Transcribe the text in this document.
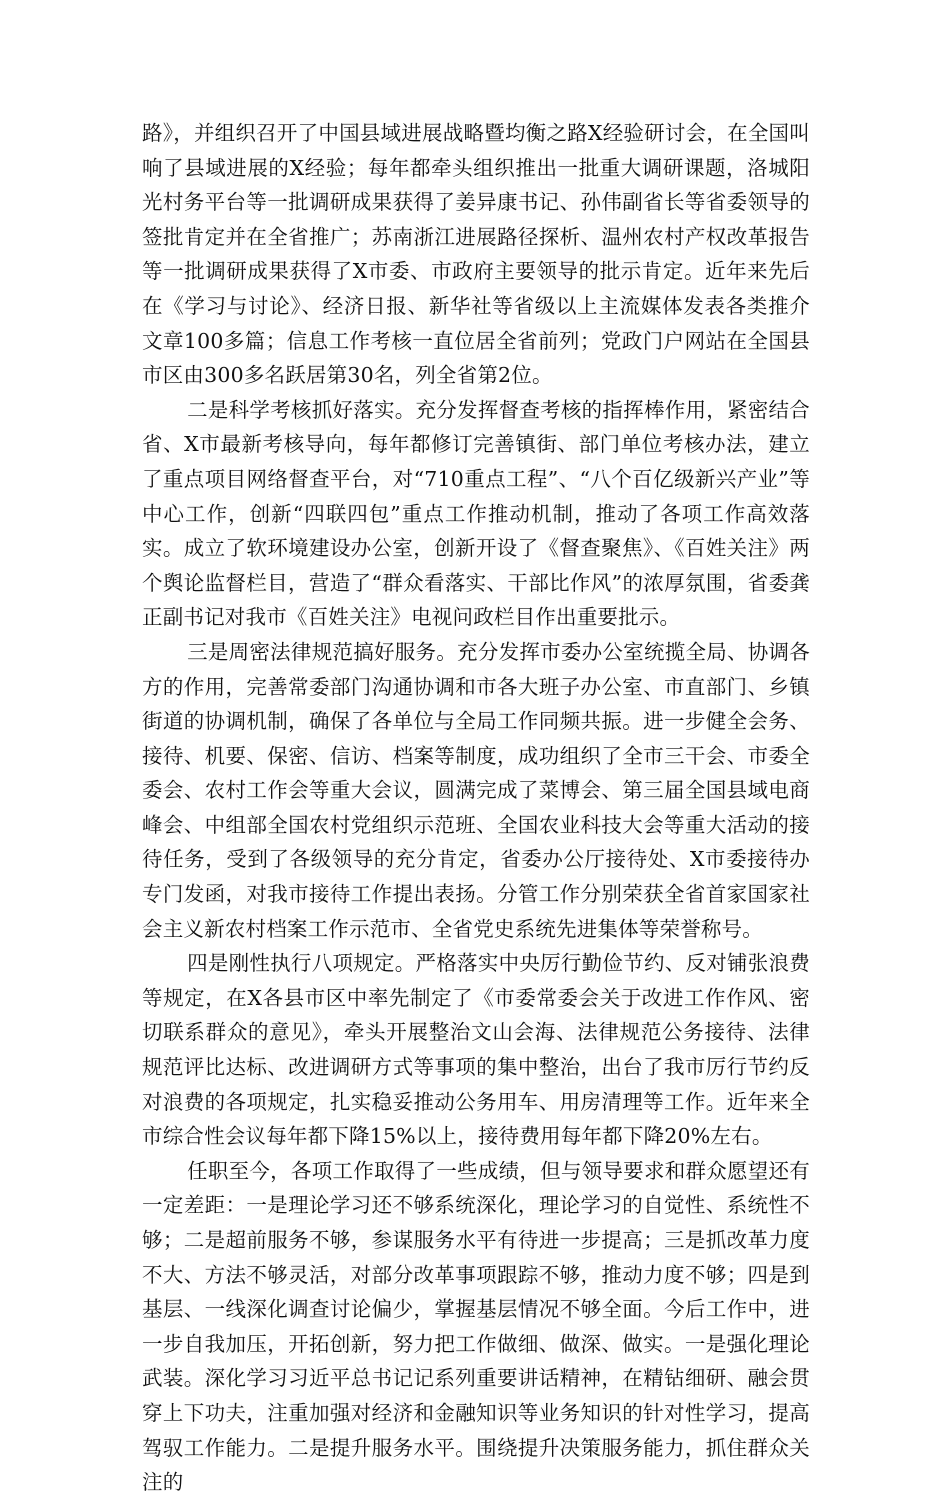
路》，并组织召开了中国县域进展战略暨均衡之路X经验研讨会，在全国叫响了县域进展的X经验；每年都牵头组织推出一批重大调研课题，洛城阳光村务平台等一批调研成果获得了姜异康书记、孙伟副省长等省委领导的签批肯定并在全省推广；苏南浙江进展路径探析、温州农村产权改革报告等一批调研成果获得了X市委、市政府主要领导的批示肯定。近年来先后在《学习与讨论》、经济日报、新华社等省级以上主流媒体发表各类推介文章100多篇；信息工作考核一直位居全省前列；党政门户网站在全国县市区由300多名跃居第30名，列全省第2位。

二是科学考核抓好落实。充分发挥督查考核的指挥棒作用，紧密结合省、X市最新考核导向，每年都修订完善镇街、部门单位考核办法，建立了重点项目网络督查平台，对“710重点工程”、“八个百亿级新兴产业”等中心工作，创新“四联四包”重点工作推动机制，推动了各项工作高效落实。成立了软环境建设办公室，创新开设了《督查聚焦》、《百姓关注》两个舆论监督栏目，营造了“群众看落实、干部比作风”的浓厚氛围，省委龚正副书记对我市《百姓关注》电视问政栏目作出重要批示。

三是周密法律规范搞好服务。充分发挥市委办公室统揽全局、协调各方的作用，完善常委部门沟通协调和市各大班子办公室、市直部门、乡镇街道的协调机制，确保了各单位与全局工作同频共振。进一步健全会务、接待、机要、保密、信访、档案等制度，成功组织了全市三干会、市委全委会、农村工作会等重大会议，圆满完成了菜博会、第三届全国县域电商峰会、中组部全国农村党组织示范班、全国农业科技大会等重大活动的接待任务，受到了各级领导的充分肯定，省委办公厅接待处、X市委接待办专门发函，对我市接待工作提出表扬。分管工作分别荣获全省首家国家社会主义新农村档案工作示范市、全省党史系统先进集体等荣誉称号。

四是刚性执行八项规定。严格落实中央厉行勤俭节约、反对铺张浪费等规定，在X各县市区中率先制定了《市委常委会关于改进工作作风、密切联系群众的意见》，牵头开展整治文山会海、法律规范公务接待、法律规范评比达标、改进调研方式等事项的集中整治，出台了我市厉行节约反对浪费的各项规定，扎实稳妥推动公务用车、用房清理等工作。近年来全市综合性会议每年都下降15%以上，接待费用每年都下降20%左右。

任职至今，各项工作取得了一些成绩，但与领导要求和群众愿望还有一定差距：一是理论学习还不够系统深化，理论学习的自觉性、系统性不够；二是超前服务不够，参谋服务水平有待进一步提高；三是抓改革力度不大、方法不够灵活，对部分改革事项跟踪不够，推动力度不够；四是到基层、一线深化调查讨论偏少，掌握基层情况不够全面。今后工作中，进一步自我加压，开拓创新，努力把工作做细、做深、做实。一是强化理论武装。深化学习习近平总书记记系列重要讲话精神，在精钻细研、融会贯穿上下功夫，注重加强对经济和金融知识等业务知识的针对性学习，提高驾驭工作能力。二是提升服务水平。围绕提升决策服务能力，抓住群众关注的
